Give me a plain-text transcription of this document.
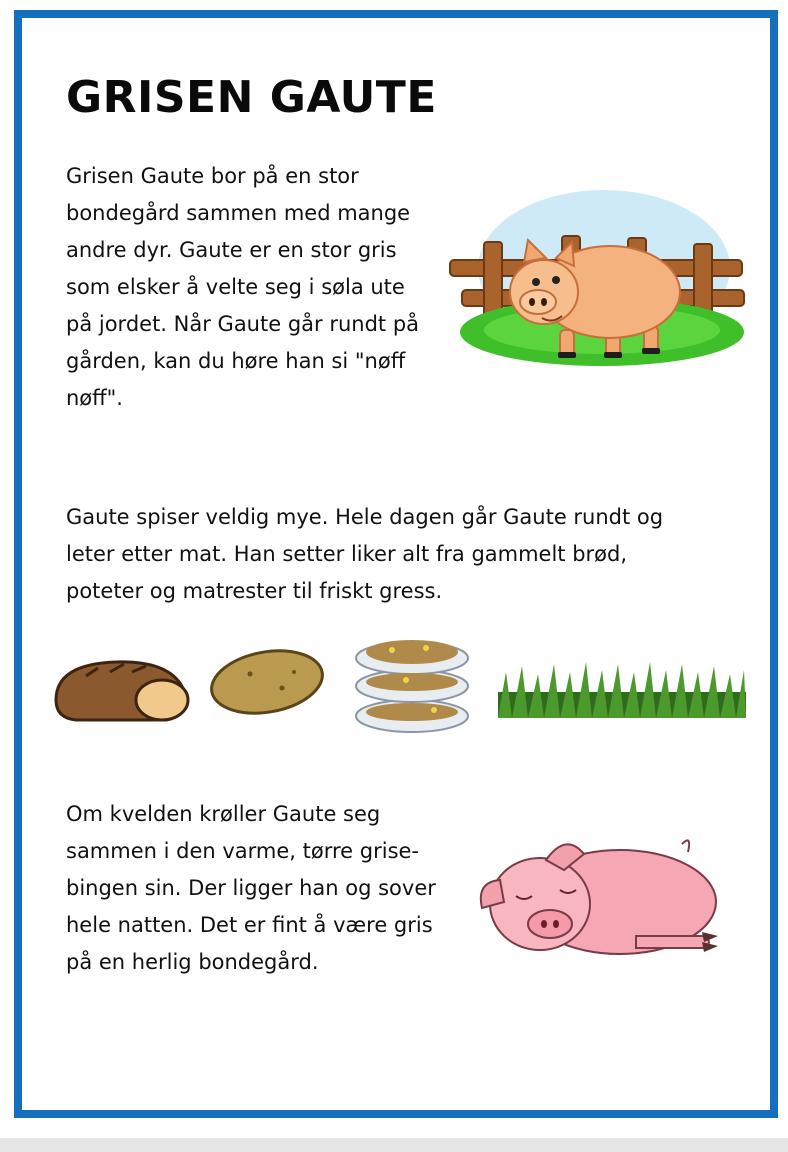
GRISEN GAUTE

Grisen Gaute bor på en stor bondegård sammen med mange andre dyr. Gaute er en stor gris som elsker å velte seg i søla ute på jordet. Når Gaute går rundt på gården, kan du høre han si "nøff nøff".

Gaute spiser veldig mye. Hele dagen går Gaute rundt og leter etter mat. Han setter liker alt fra gammelt brød, poteter og matrester til friskt gress.

Om kvelden krøller Gaute seg sammen i den varme, tørre grise-bingen sin. Der ligger han og sover hele natten. Det er fint å være gris på en herlig bondegård.
